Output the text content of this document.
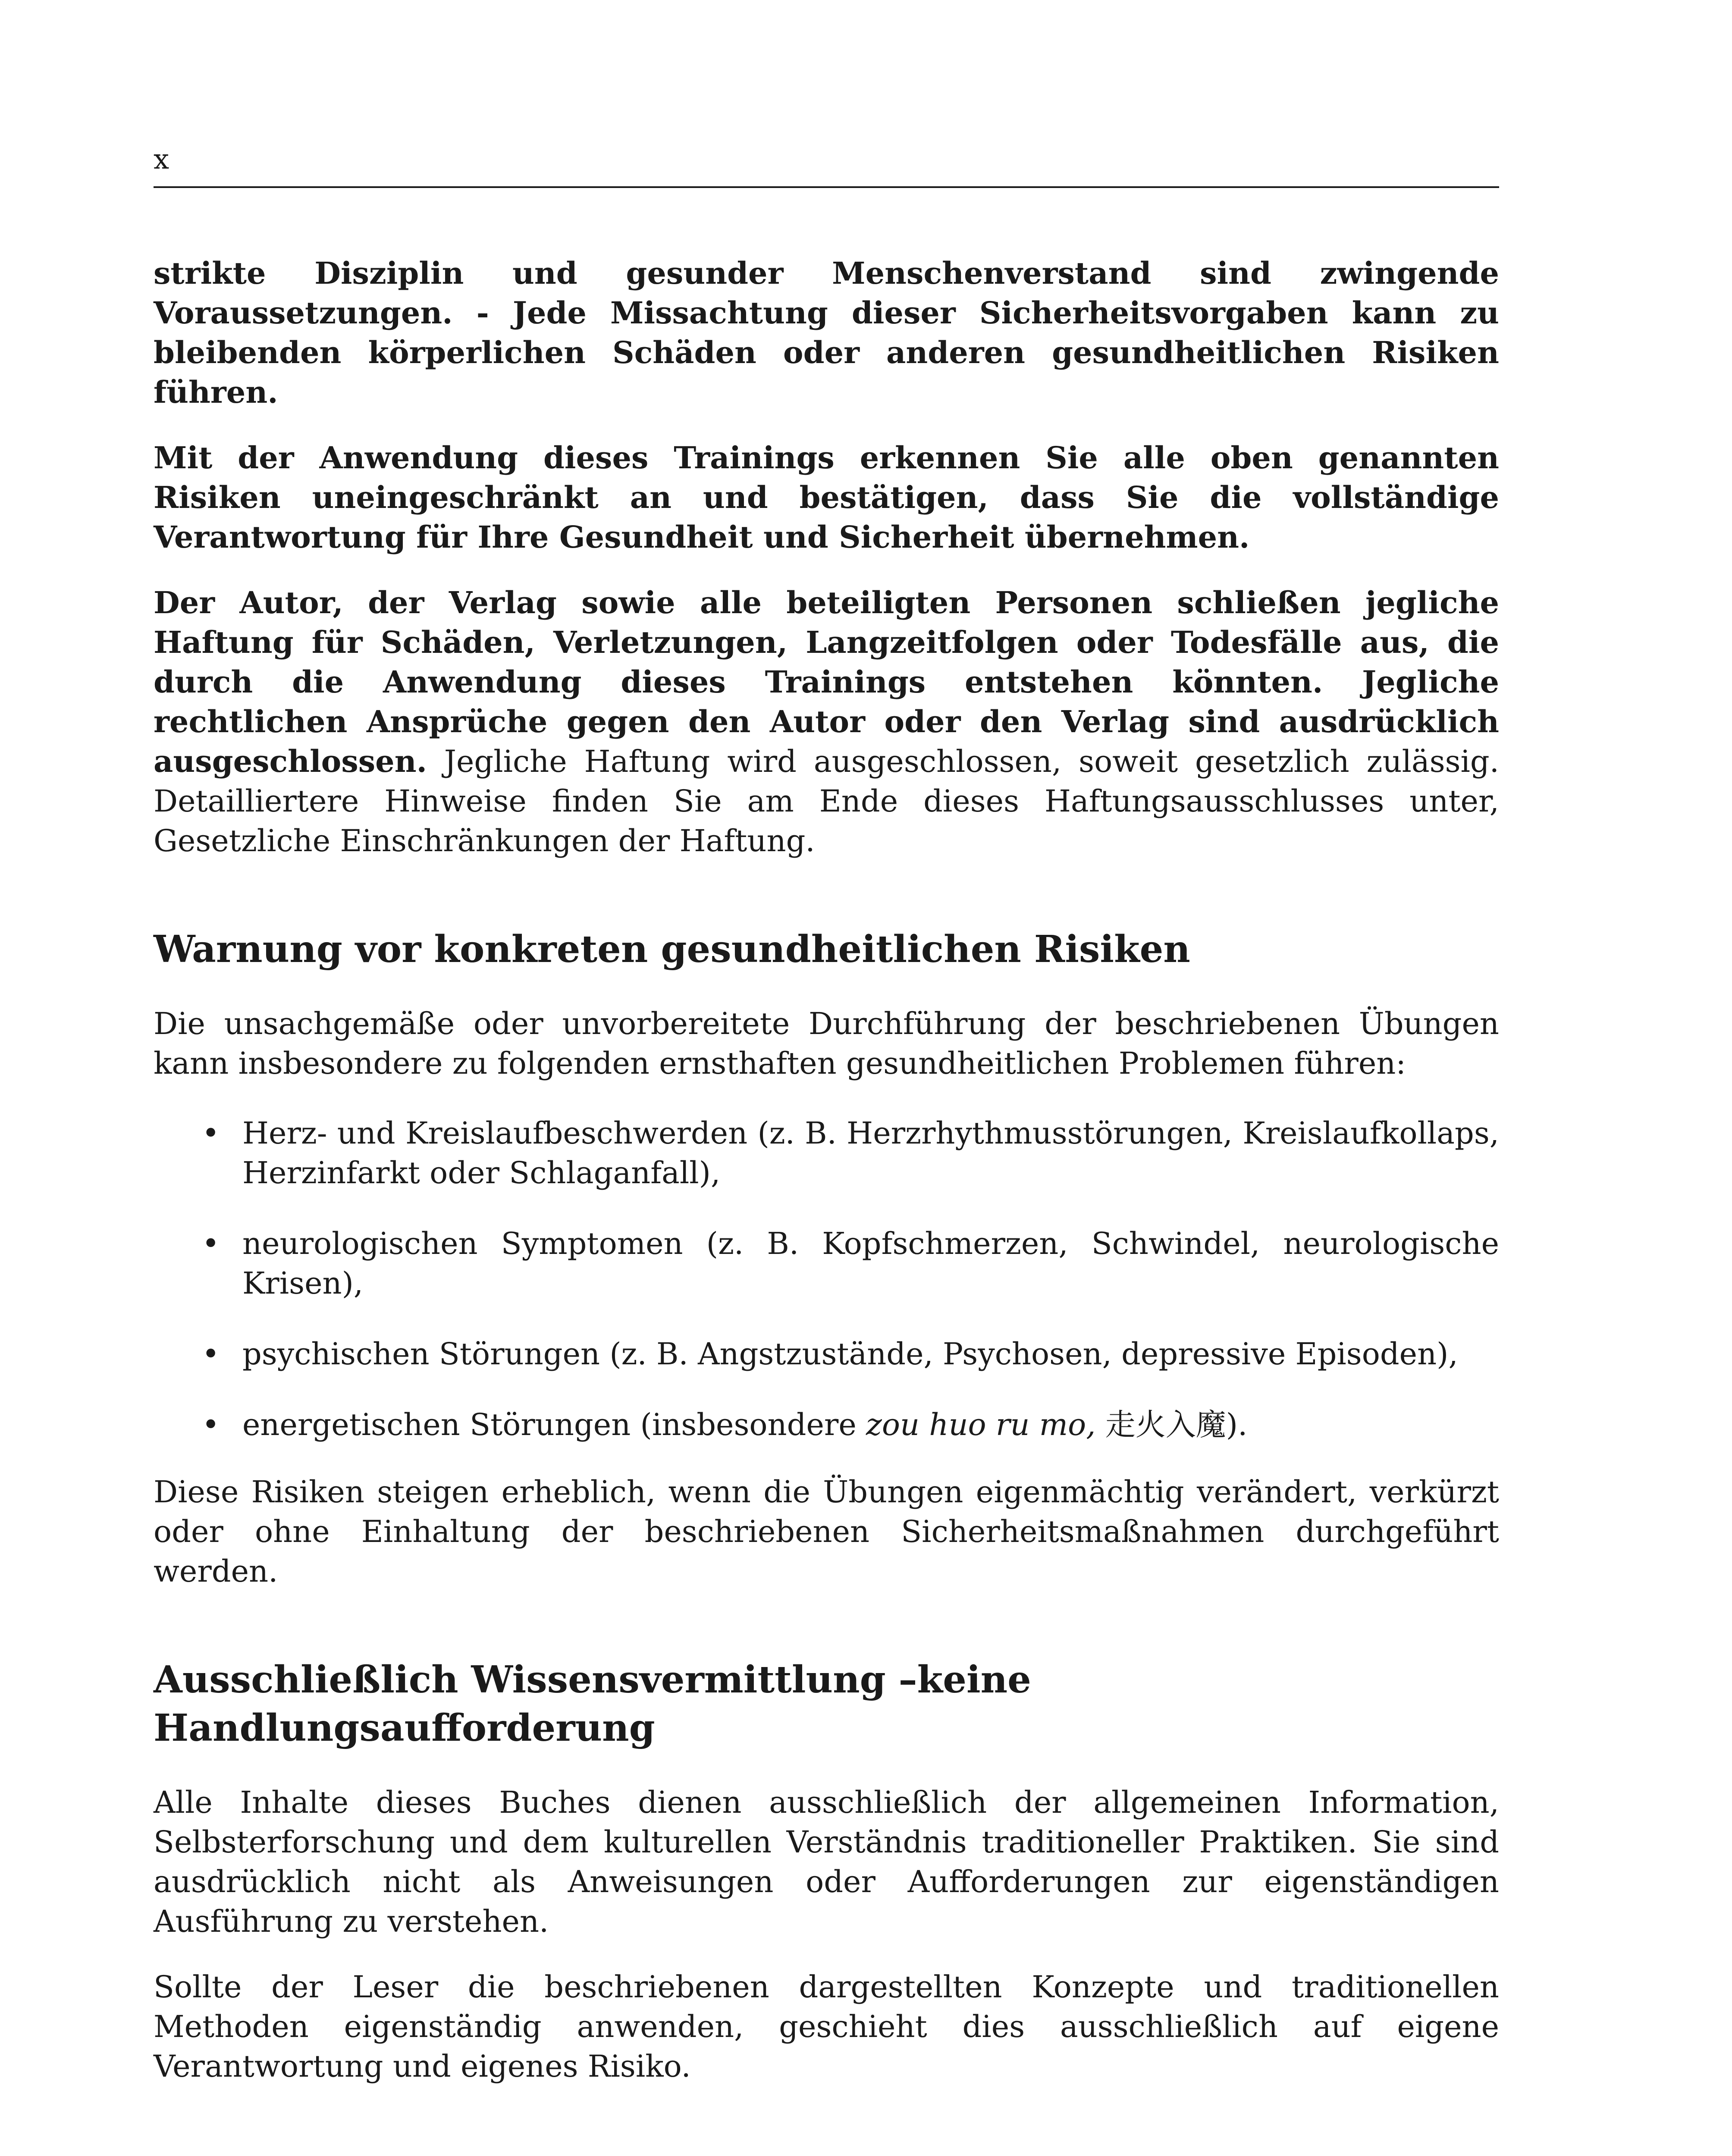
x

strikte Disziplin und gesunder Menschenverstand sind zwingende Voraussetzungen. - Jede Missachtung dieser Sicherheitsvorgaben kann zu bleibenden körperlichen Schäden oder anderen gesundheitlichen Risiken führen.

Mit der Anwendung dieses Trainings erkennen Sie alle oben genannten Risiken uneingeschränkt an und bestätigen, dass Sie die vollständige Verantwortung für Ihre Gesundheit und Sicherheit übernehmen.

Der Autor, der Verlag sowie alle beteiligten Personen schließen jegliche Haftung für Schäden, Verletzungen, Langzeitfolgen oder Todesfälle aus, die durch die Anwendung dieses Trainings entstehen könnten. Jegliche rechtlichen Ansprüche gegen den Autor oder den Verlag sind ausdrücklich ausgeschlossen. Jegliche Haftung wird ausgeschlossen, soweit gesetzlich zulässig. Detailliertere Hinweise finden Sie am Ende dieses Haftungsausschlusses unter, Gesetzliche Einschränkungen der Haftung.

Warnung vor konkreten gesundheitlichen Risiken

Die unsachgemäße oder unvorbereitete Durchführung der beschriebenen Übungen kann insbesondere zu folgenden ernsthaften gesundheitlichen Problemen führen:

• Herz- und Kreislaufbeschwerden (z. B. Herzrhythmusstörungen, Kreislaufkollaps, Herzinfarkt oder Schlaganfall),
• neurologischen Symptomen (z. B. Kopfschmerzen, Schwindel, neurologische Krisen),
• psychischen Störungen (z. B. Angstzustände, Psychosen, depressive Episoden),
• energetischen Störungen (insbesondere zou huo ru mo, 走火入魔).

Diese Risiken steigen erheblich, wenn die Übungen eigenmächtig verändert, verkürzt oder ohne Einhaltung der beschriebenen Sicherheitsmaßnahmen durchgeführt werden.

Ausschließlich Wissensvermittlung –keine Handlungsaufforderung

Alle Inhalte dieses Buches dienen ausschließlich der allgemeinen Information, Selbsterforschung und dem kulturellen Verständnis traditioneller Praktiken. Sie sind ausdrücklich nicht als Anweisungen oder Aufforderungen zur eigenständigen Ausführung zu verstehen.

Sollte der Leser die beschriebenen dargestellten Konzepte und traditionellen Methoden eigenständig anwenden, geschieht dies ausschließlich auf eigene Verantwortung und eigenes Risiko.
